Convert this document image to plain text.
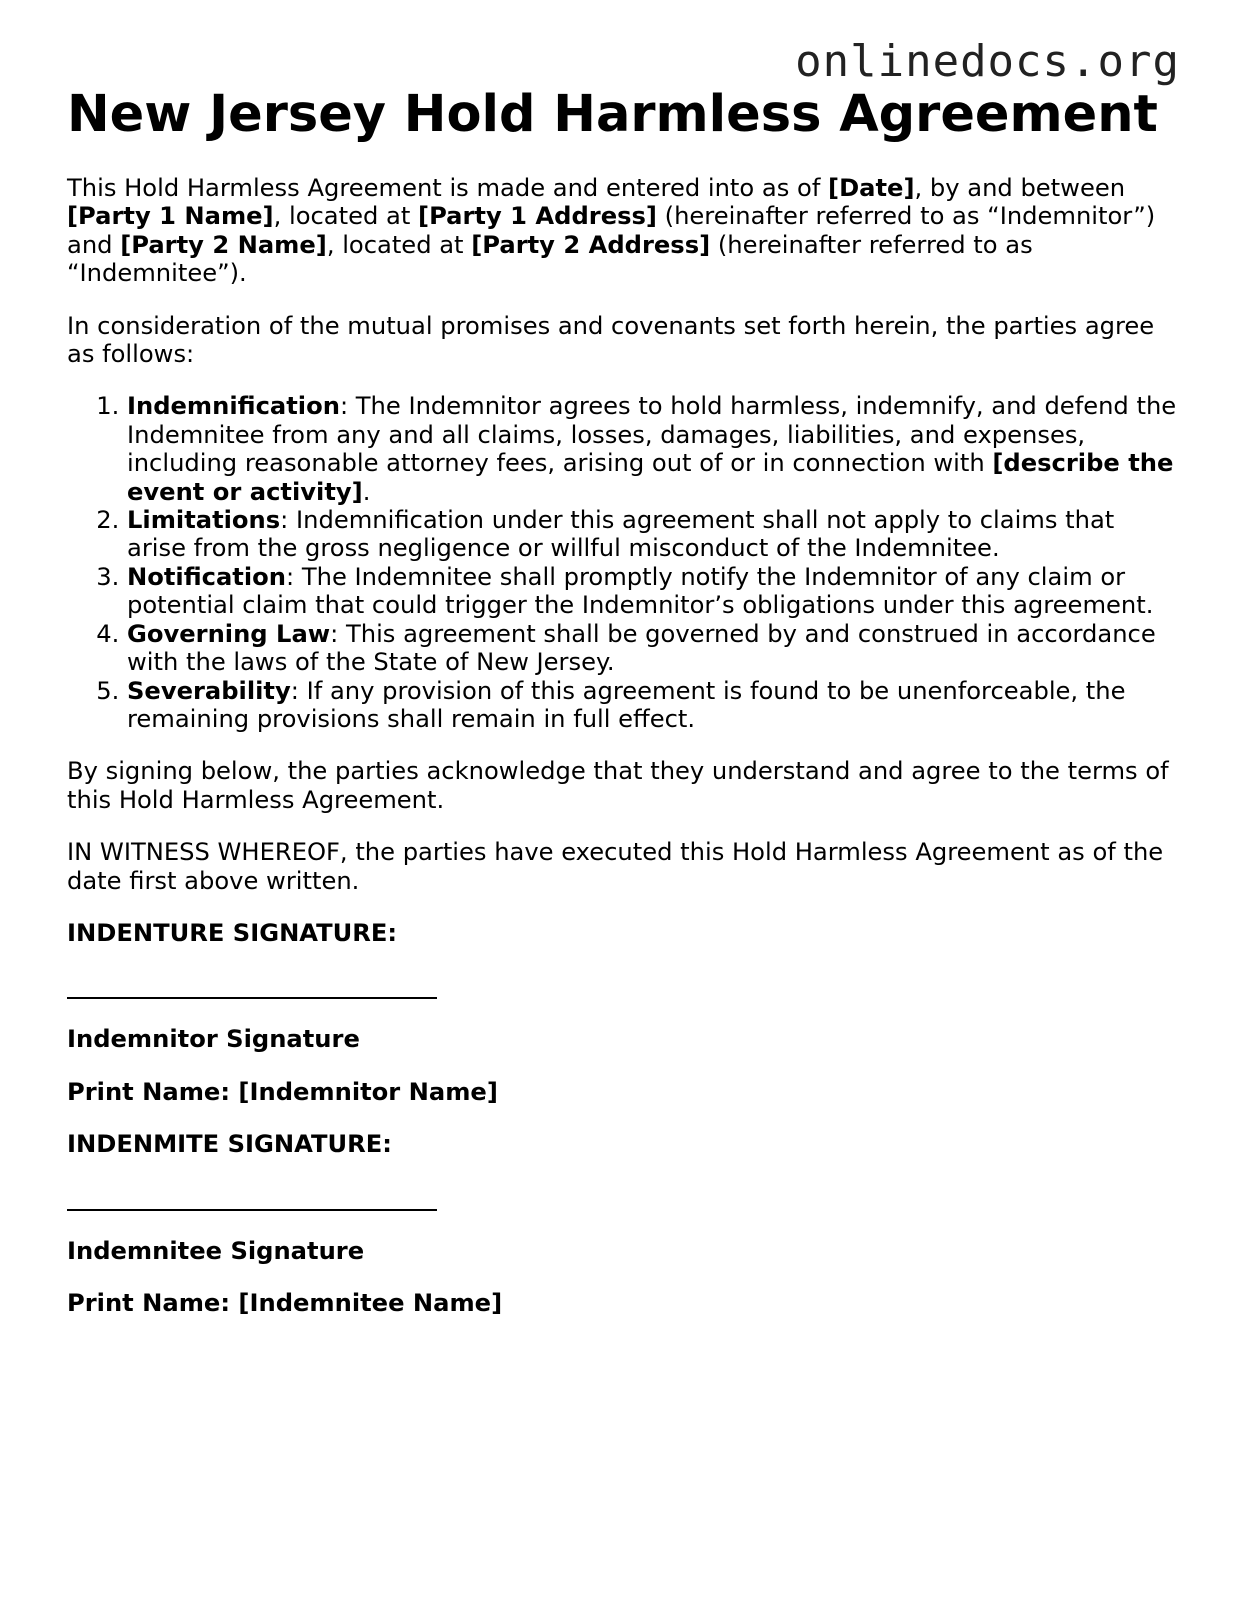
onlinedocs.org
New Jersey Hold Harmless Agreement

This Hold Harmless Agreement is made and entered into as of [Date], by and between [Party 1 Name], located at [Party 1 Address] (hereinafter referred to as “Indemnitor”) and [Party 2 Name], located at [Party 2 Address] (hereinafter referred to as “Indemnitee”).

In consideration of the mutual promises and covenants set forth herein, the parties agree as follows:

1. Indemnification: The Indemnitor agrees to hold harmless, indemnify, and defend the Indemnitee from any and all claims, losses, damages, liabilities, and expenses, including reasonable attorney fees, arising out of or in connection with [describe the event or activity].
2. Limitations: Indemnification under this agreement shall not apply to claims that arise from the gross negligence or willful misconduct of the Indemnitee.
3. Notification: The Indemnitee shall promptly notify the Indemnitor of any claim or potential claim that could trigger the Indemnitor’s obligations under this agreement.
4. Governing Law: This agreement shall be governed by and construed in accordance with the laws of the State of New Jersey.
5. Severability: If any provision of this agreement is found to be unenforceable, the remaining provisions shall remain in full effect.

By signing below, the parties acknowledge that they understand and agree to the terms of this Hold Harmless Agreement.

IN WITNESS WHEREOF, the parties have executed this Hold Harmless Agreement as of the date first above written.

INDENTURE SIGNATURE:

Indemnitor Signature

Print Name: [Indemnitor Name]

INDENMITE SIGNATURE:

Indemnitee Signature

Print Name: [Indemnitee Name]
